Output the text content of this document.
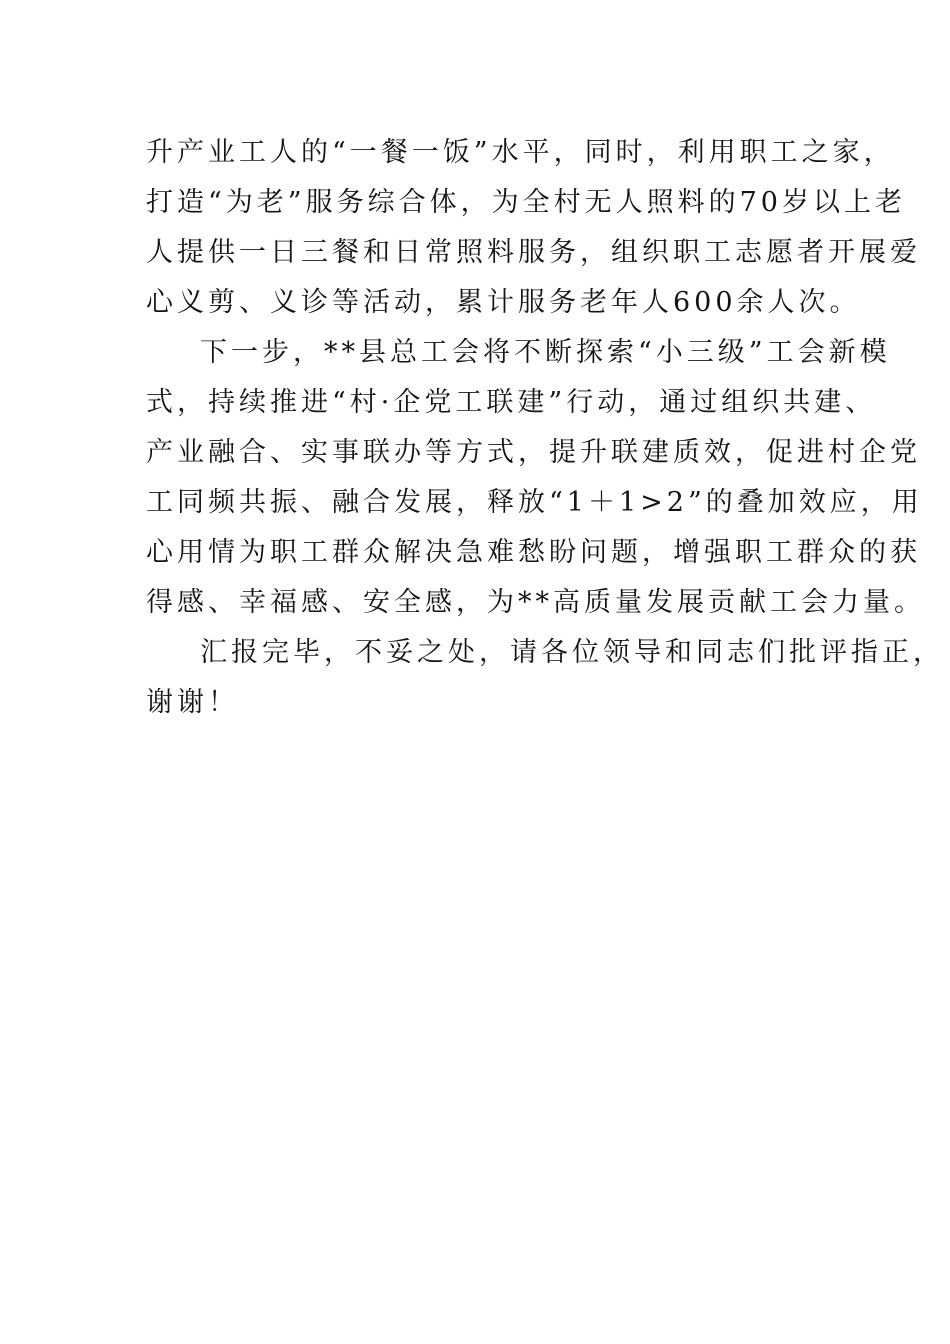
升产业工人的“一餐一饭”水平，同时，利用职工之家，
打造“为老”服务综合体，为全村无人照料的70岁以上老
人提供一日三餐和日常照料服务，组织职工志愿者开展爱
心义剪、义诊等活动，累计服务老年人600余人次。
下一步，**县总工会将不断探索“小三级”工会新模
式，持续推进“村·企党工联建”行动，通过组织共建、
产业融合、实事联办等方式，提升联建质效，促进村企党
工同频共振、融合发展，释放“1＋1>2”的叠加效应，用
心用情为职工群众解决急难愁盼问题，增强职工群众的获
得感、幸福感、安全感，为**高质量发展贡献工会力量。
汇报完毕，不妥之处，请各位领导和同志们批评指正，
谢谢！
